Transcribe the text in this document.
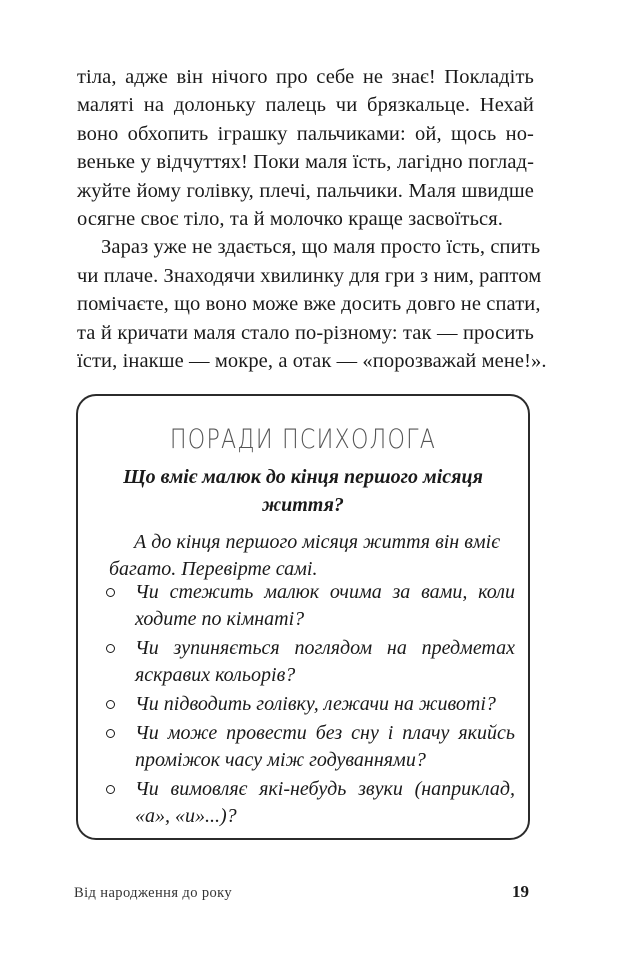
тіла, адже він нічого про себе не знає! Покладіть
маляті на долоньку палець чи брязкальце. Нехай
воно обхопить іграшку пальчиками: ой, щось но-
веньке у відчуттях! Поки маля їсть, лагідно поглад-
жуйте йому голівку, плечі, пальчики. Маля швидше
осягне своє тіло, та й молочко краще засвоїться.

Зараз уже не здається, що маля просто їсть, спить
чи плаче. Знаходячи хвилинку для гри з ним, раптом
помічаєте, що воно може вже досить довго не спати,
та й кричати маля стало по-різному: так — просить
їсти, інакше — мокре, а отак — «порозважай мене!».

ПОРАДИ ПСИХОЛОГА
Що вміє малюк до кінця першого місяця
життя?
А до кінця першого місяця життя він вміє
багато. Перевірте самі.
Чи стежить малюк очима за вами, коли
ходите по кімнаті?
Чи зупиняється поглядом на предметах
яскравих кольорів?
Чи підводить голівку, лежачи на животі?
Чи може провести без сну і плачу якийсь
проміжок часу між годуваннями?
Чи вимовляє які-небудь звуки (наприклад,
«а», «и»...)?
Від народження до року	19
